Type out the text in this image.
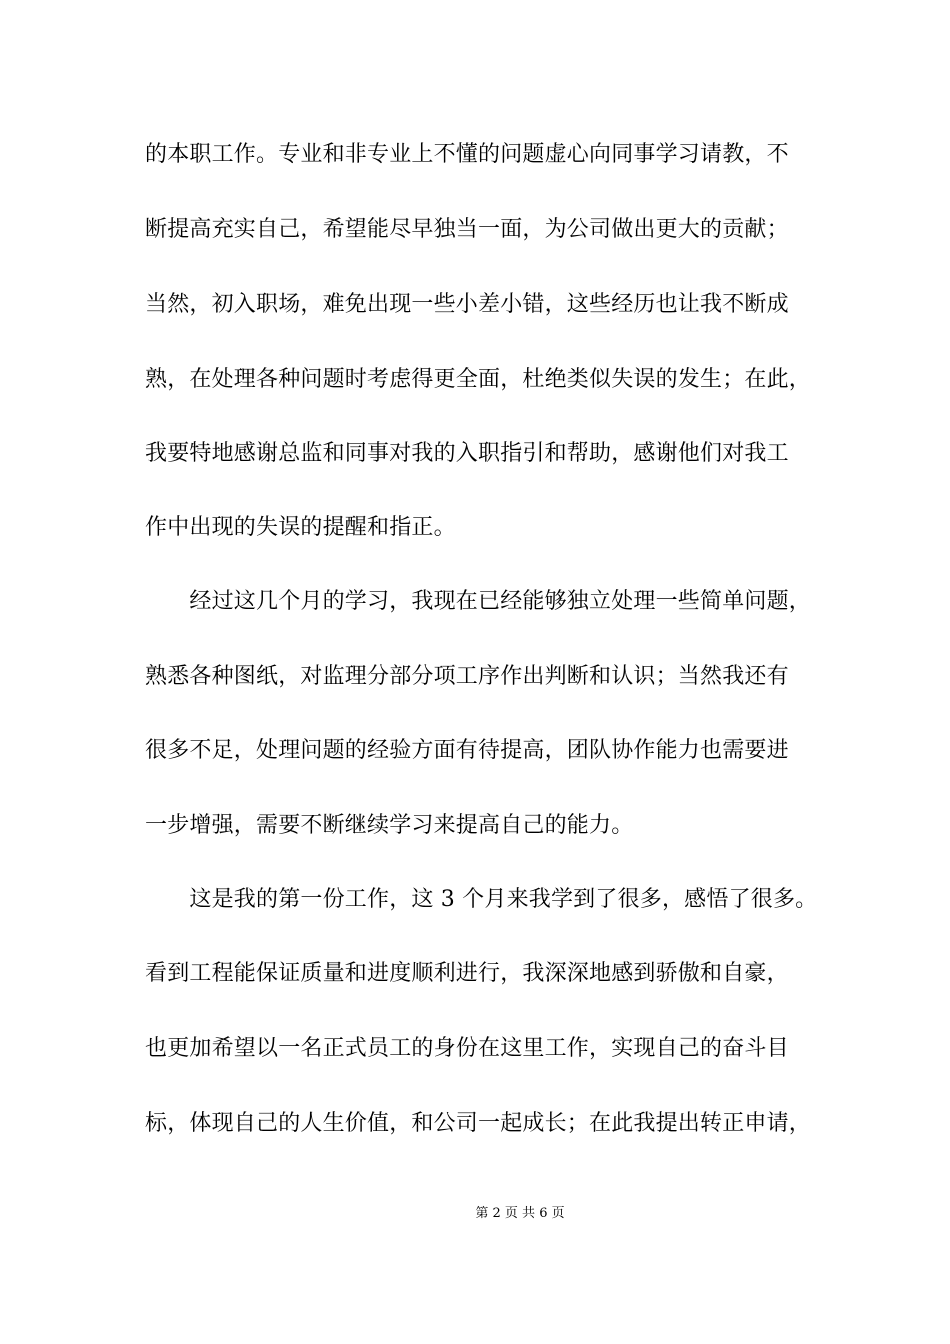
的本职工作。专业和非专业上不懂的问题虚心向同事学习请教，不
断提高充实自己，希望能尽早独当一面，为公司做出更大的贡献；
当然，初入职场，难免出现一些小差小错，这些经历也让我不断成
熟，在处理各种问题时考虑得更全面，杜绝类似失误的发生；在此，
我要特地感谢总监和同事对我的入职指引和帮助，感谢他们对我工
作中出现的失误的提醒和指正。
　　经过这几个月的学习，我现在已经能够独立处理一些简单问题，
熟悉各种图纸，对监理分部分项工序作出判断和认识；当然我还有
很多不足，处理问题的经验方面有待提高，团队协作能力也需要进
一步增强，需要不断继续学习来提高自己的能力。
　　这是我的第一份工作，这 3 个月来我学到了很多，感悟了很多。
看到工程能保证质量和进度顺利进行，我深深地感到骄傲和自豪，
也更加希望以一名正式员工的身份在这里工作，实现自己的奋斗目
标，体现自己的人生价值，和公司一起成长；在此我提出转正申请，
第 2 页 共 6 页
